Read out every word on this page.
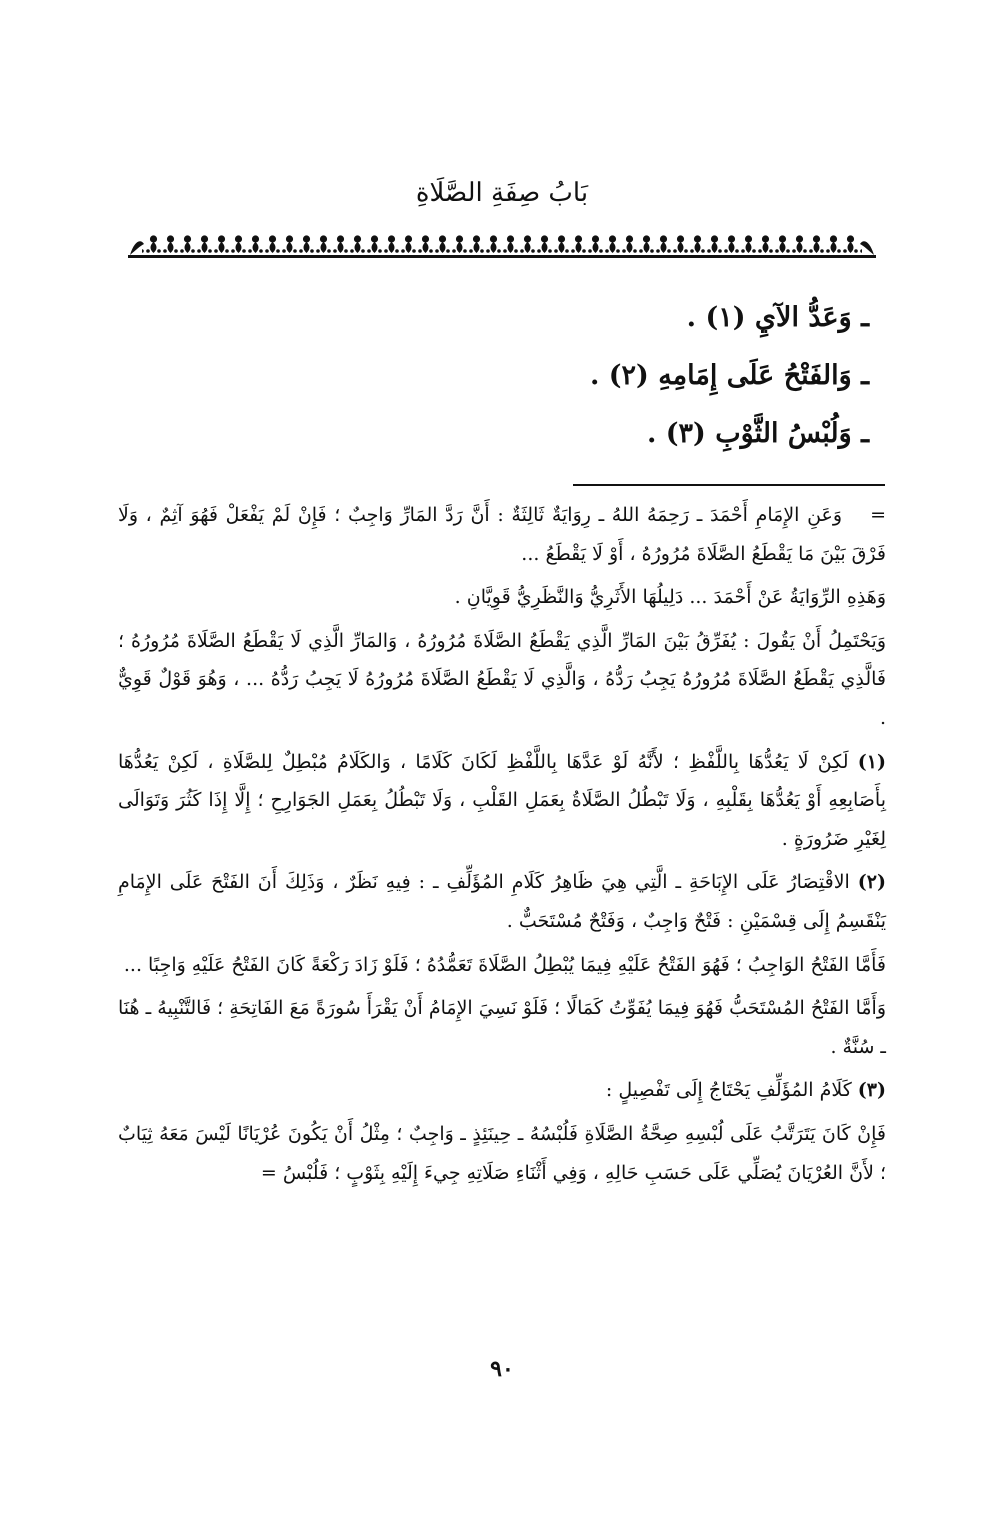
بَابُ صِفَةِ الصَّلَاةِ
ـ وَعَدُّ الآيِ (١) .
ـ وَالفَتْحُ عَلَى إِمَامِهِ (٢) .
ـ وَلُبْسُ الثَّوْبِ (٣) .

=وَعَنِ الإِمَامِ أَحْمَدَ ـ رَحِمَهُ اللهُ ـ رِوَايَةٌ ثَالِثَةٌ : أَنَّ رَدَّ المَارِّ وَاجِبٌ ؛ فَإِنْ لَمْ يَفْعَلْ فَهُوَ آثِمٌ ، وَلَا فَرْقَ بَيْنَ مَا يَقْطَعُ الصَّلَاةَ مُرُورُهُ ، أَوْ لَا يَقْطَعُ ...

وَهَذِهِ الرِّوَايَةُ عَنْ أَحْمَدَ ... دَلِيلُهَا الأَثَرِيُّ وَالنَّظَرِيُّ قَوِيَّانِ .

وَيَحْتَمِلُ أَنْ يَقُولَ : يُفَرِّقُ بَيْنَ المَارِّ الَّذِي يَقْطَعُ الصَّلَاةَ مُرُورُهُ ، وَالمَارِّ الَّذِي لَا يَقْطَعُ الصَّلَاةَ مُرُورُهُ ؛ فَالَّذِي يَقْطَعُ الصَّلَاةَ مُرُورُهُ يَجِبُ رَدُّهُ ، وَالَّذِي لَا يَقْطَعُ الصَّلَاةَ مُرُورُهُ لَا يَجِبُ رَدُّهُ ... ، وَهُوَ قَوْلٌ قَوِيٌّ .

(١) لَكِنْ لَا يَعُدُّهَا بِاللَّفْظِ ؛ لأَنَّهُ لَوْ عَدَّهَا بِاللَّفْظِ لَكَانَ كَلَامًا ، وَالكَلَامُ مُبْطِلٌ لِلصَّلَاةِ ، لَكِنْ يَعُدُّهَا بِأَصَابِعِهِ أَوْ يَعُدُّهَا بِقَلْبِهِ ، وَلَا تَبْطُلُ الصَّلَاةُ بِعَمَلِ القَلْبِ ، وَلَا تَبْطُلُ بِعَمَلِ الجَوَارِحِ ؛ إِلَّا إِذَا كَثُرَ وَتَوَالَى لِغَيْرِ ضَرُورَةٍ .

(٢) الاقْتِصَارُ عَلَى الإِبَاحَةِ ـ الَّتِي هِيَ ظَاهِرُ كَلَامِ المُؤَلِّفِ ـ : فِيهِ نَظَرٌ ، وَذَلِكَ أَنَ الفَتْحَ عَلَى الإِمَامِ يَنْقَسِمُ إِلَى قِسْمَيْنِ : فَتْحٌ وَاجِبٌ ، وَفَتْحٌ مُسْتَحَبٌّ .

فَأَمَّا الفَتْحُ الوَاجِبُ ؛ فَهُوَ الفَتْحُ عَلَيْهِ فِيمَا يُبْطِلُ الصَّلَاةَ تَعَمُّدُهُ ؛ فَلَوْ زَادَ رَكْعَةً كَانَ الفَتْحُ عَلَيْهِ وَاجِبًا ...

وَأَمَّا الفَتْحُ المُسْتَحَبُّ فَهُوَ فِيمَا يُفَوِّتُ كَمَالًا ؛ فَلَوْ نَسِيَ الإِمَامُ أَنْ يَقْرَأَ سُورَةً مَعَ الفَاتِحَةِ ؛ فَالتَّنْبِيهُ ـ هُنَا ـ سُنَّةٌ .

(٣) كَلَامُ المُؤَلِّفِ يَحْتَاجُ إِلَى تَفْصِيلٍ :

فَإِنْ كَانَ يَتَرَتَّبُ عَلَى لُبْسِهِ صِحَّةُ الصَّلَاةِ فَلُبْسُهُ ـ حِينَئِذٍ ـ وَاجِبٌ ؛ مِثْلُ أَنْ يَكُونَ عُرْيَانًا لَيْسَ مَعَهُ ثِيَابٌ ؛ لأَنَّ العُرْيَانَ يُصَلِّي عَلَى حَسَبِ حَالِهِ ، وَفِي أَثْنَاءِ صَلَاتِهِ جِيءَ إِلَيْهِ بِثَوْبٍ ؛ فَلُبْسُ =

٩٠
